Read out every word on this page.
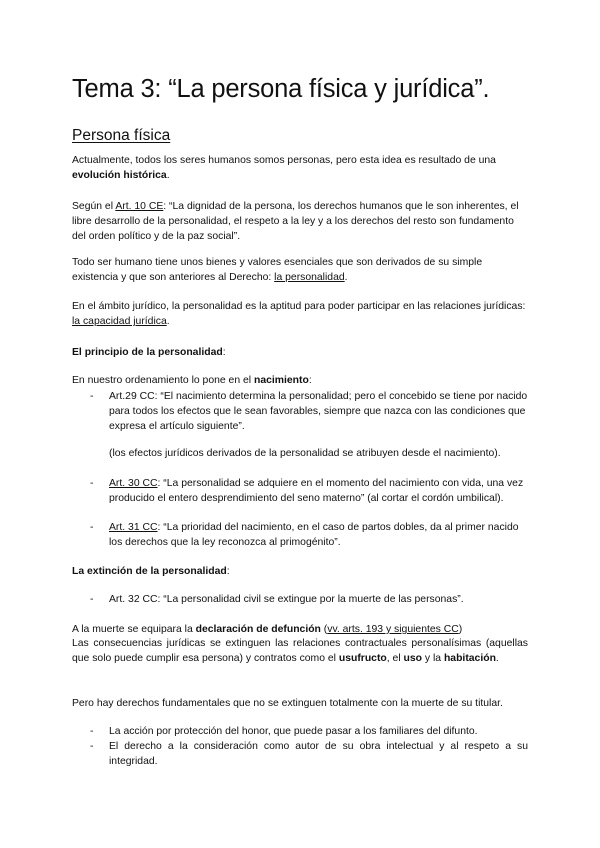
Tema 3: “La persona física y jurídica”.
Persona física

Actualmente, todos los seres humanos somos personas, pero esta idea es resultado de una evolución histórica.

Según el Art. 10 CE: “La dignidad de la persona, los derechos humanos que le son inherentes, el libre desarrollo de la personalidad, el respeto a la ley y a los derechos del resto son fundamento del orden político y de la paz social”.

Todo ser humano tiene unos bienes y valores esenciales que son derivados de su simple existencia y que son anteriores al Derecho: la personalidad.

En el ámbito jurídico, la personalidad es la aptitud para poder participar en las relaciones jurídicas: la capacidad jurídica.

El principio de la personalidad:

En nuestro ordenamiento lo pone en el nacimiento:

- Art.29 CC: “El nacimiento determina la personalidad; pero el concebido se tiene por nacido para todos los efectos que le sean favorables, siempre que nazca con las condiciones que expresa el artículo siguiente”.

(los efectos jurídicos derivados de la personalidad se atribuyen desde el nacimiento).

- Art. 30 CC: “La personalidad se adquiere en el momento del nacimiento con vida, una vez producido el entero desprendimiento del seno materno” (al cortar el cordón umbilical).
- Art. 31 CC: “La prioridad del nacimiento, en el caso de partos dobles, da al primer nacido los derechos que la ley reconozca al primogénito”.

La extinción de la personalidad:

- Art. 32 CC: “La personalidad civil se extingue por la muerte de las personas”.

A la muerte se equipara la declaración de defunción (vv. arts. 193 y siguientes CC)

Las consecuencias jurídicas se extinguen las relaciones contractuales personalísimas (aquellas que solo puede cumplir esa persona) y contratos como el usufructo, el uso y la habitación.

Pero hay derechos fundamentales que no se extinguen totalmente con la muerte de su titular.

- La acción por protección del honor, que puede pasar a los familiares del difunto.
- El derecho a la consideración como autor de su obra intelectual y al respeto a su integridad.
